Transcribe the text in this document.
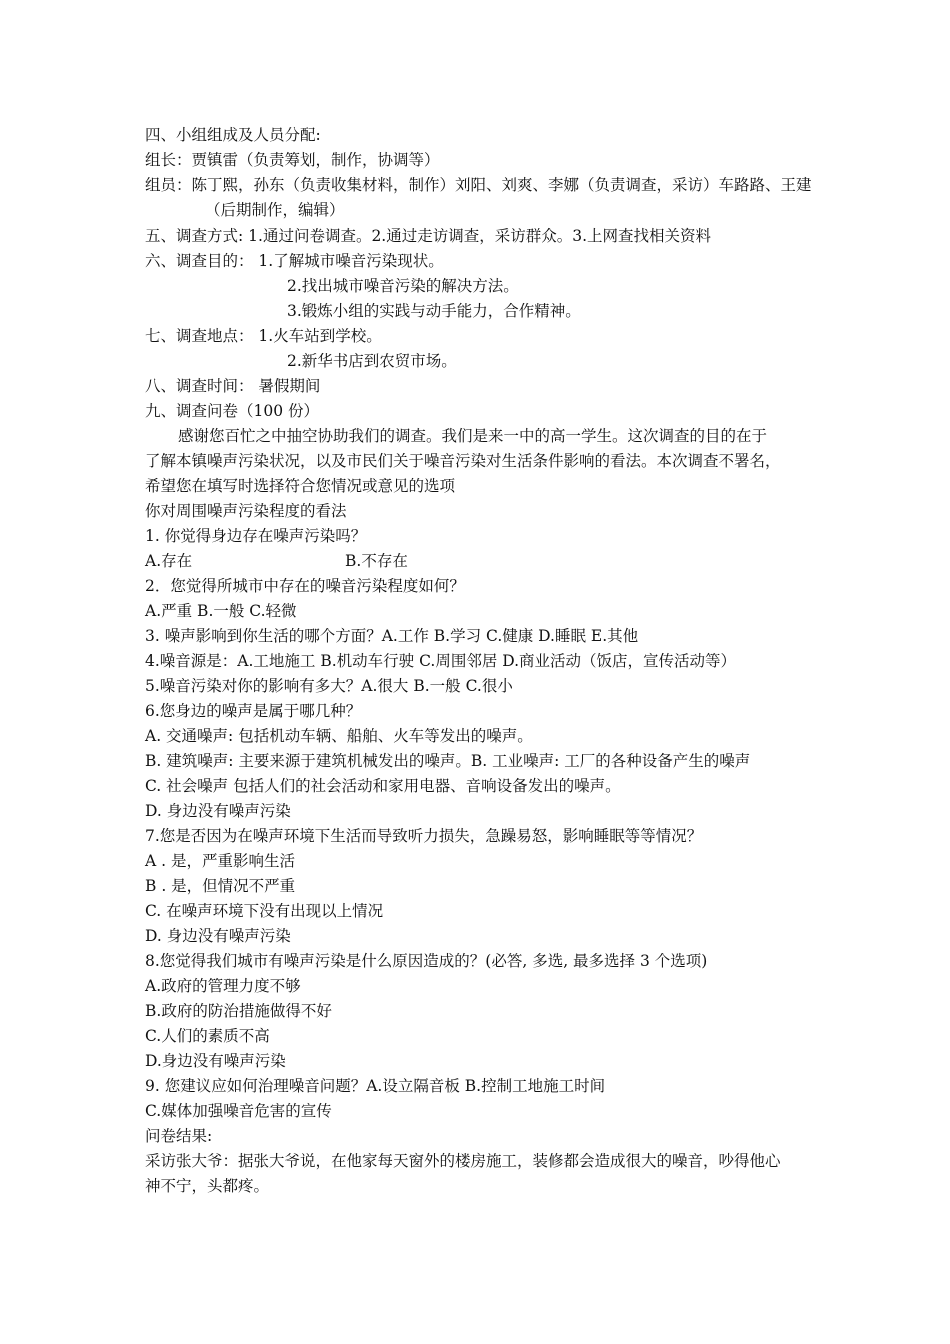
四、小组组成及人员分配:
组长：贾镇雷（负责筹划，制作，协调等）
组员：陈丁熙，孙东（负责收集材料，制作）刘阳、刘爽、李娜（负责调查，采访）车路路、王建
（后期制作，编辑）
五、调查方式: 1.通过问卷调查。2.通过走访调查，采访群众。3.上网查找相关资料
六、调查目的： 1.了解城市噪音污染现状。
2.找出城市噪音污染的解决方法。
3.锻炼小组的实践与动手能力，合作精神。
七、调查地点： 1.火车站到学校。
2.新华书店到农贸市场。
八、调查时间： 暑假期间
九、调查问卷（100 份）
感谢您百忙之中抽空协助我们的调查。我们是来一中的高一学生。这次调查的目的在于
了解本镇噪声污染状况，以及市民们关于噪音污染对生活条件影响的看法。本次调查不署名，
希望您在填写时选择符合您情况或意见的选项
你对周围噪声污染程度的看法
1. 你觉得身边存在噪声污染吗？
A.存在	B.不存在
2．您觉得所城市中存在的噪音污染程度如何？
A.严重 B.一般 C.轻微
3. 噪声影响到你生活的哪个方面？A.工作 B.学习 C.健康 D.睡眠 E.其他
4.噪音源是：A.工地施工 B.机动车行驶 C.周围邻居 D.商业活动（饭店，宣传活动等）
5.噪音污染对你的影响有多大？A.很大 B.一般 C.很小
6.您身边的噪声是属于哪几种？
A. 交通噪声: 包括机动车辆、船舶、火车等发出的噪声。
B. 建筑噪声: 主要来源于建筑机械发出的噪声。B. 工业噪声: 工厂的各种设备产生的噪声
C. 社会噪声 包括人们的社会活动和家用电器、音响设备发出的噪声。
D. 身边没有噪声污染
7.您是否因为在噪声环境下生活而导致听力损失，急躁易怒，影响睡眠等等情况？
A . 是，严重影响生活
B . 是，但情况不严重
C. 在噪声环境下没有出现以上情况
D. 身边没有噪声污染
8.您觉得我们城市有噪声污染是什么原因造成的？(必答, 多选, 最多选择 3 个选项)
A.政府的管理力度不够
B.政府的防治措施做得不好
C.人们的素质不高
D.身边没有噪声污染
9. 您建议应如何治理噪音问题？A.设立隔音板 B.控制工地施工时间
C.媒体加强噪音危害的宣传
问卷结果:
采访张大爷：据张大爷说，在他家每天窗外的楼房施工，装修都会造成很大的噪音，吵得他心
神不宁，头都疼。
